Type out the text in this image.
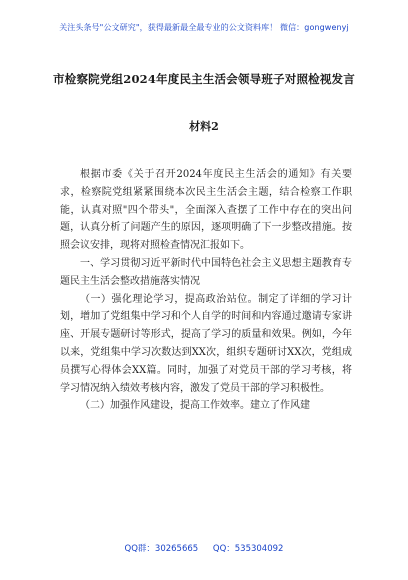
关注头条号"公文研究"，获得最新最全最专业的公文资料库！ 微信：gongwenyj
市检察院党组2024年度民主生活会领导班子对照检视发言
材料2

根据市委《关于召开2024年度民主生活会的通知》有关要求，检察院党组紧紧围绕本次民主生活会主题，结合检察工作职能，认真对照"四个带头"，全面深入查摆了工作中存在的突出问题，认真分析了问题产生的原因，逐项明确了下一步整改措施。按照会议安排，现将对照检查情况汇报如下。

一、学习贯彻习近平新时代中国特色社会主义思想主题教育专题民主生活会整改措施落实情况

（一）强化理论学习，提高政治站位。制定了详细的学习计划，增加了党组集中学习和个人自学的时间和内容通过邀请专家讲座、开展专题研讨等形式，提高了学习的质量和效果。例如，今年以来，党组集中学习次数达到XX次，组织专题研讨XX次，党组成员撰写心得体会XX篇。同时，加强了对党员干部的学习考核，将学习情况纳入绩效考核内容，激发了党员干部的学习积极性。

（二）加强作风建设，提高工作效率。建立了作风建

QQ群：30265665 QQ：535304092
